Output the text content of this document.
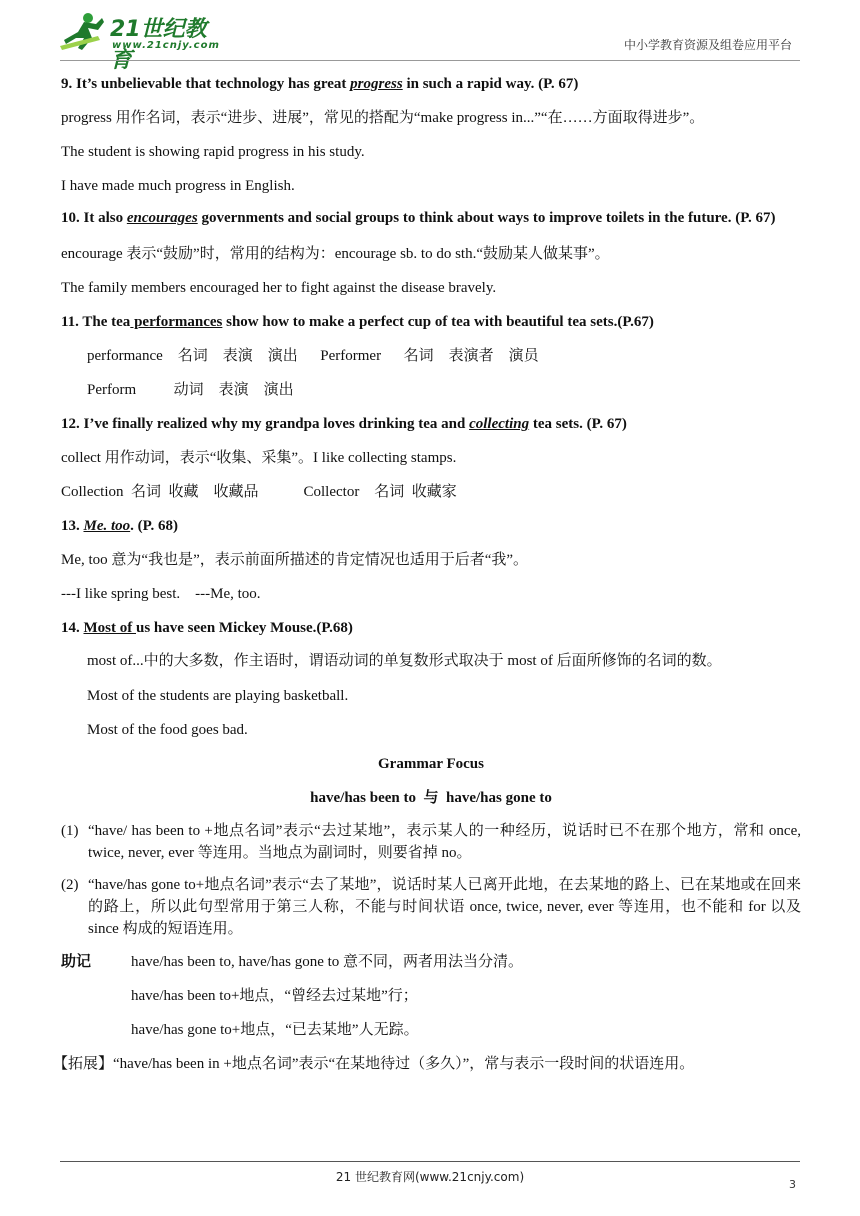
21世纪教育
www.21cnjy.com	中小学教育资源及组卷应用平台

9. It’s unbelievable that technology has great progress in such a rapid way. (P. 67)

progress 用作名词，表示“进步、进展”，常见的搭配为“make progress in...”“在……方面取得进步”。

The student is showing rapid progress in his study.

I have made much progress in English.

10. It also encourages governments and social groups to think about ways to improve toilets in the future. (P. 67)

encourage 表示“鼓励”时，常用的结构为：encourage sb. to do sth.“鼓励某人做某事”。

The family members encouraged her to fight against the disease bravely.

11. The tea performances show how to make a perfect cup of tea with beautiful tea sets.(P.67)

performance    名词    表演    演出      Performer      名词    表演者    演员

Perform          动词    表演    演出

12. I’ve finally realized why my grandpa loves drinking tea and collecting tea sets. (P. 67)

collect 用作动词，表示“收集、采集”。I like collecting stamps.

Collection  名词  收藏    收藏品            Collector    名词  收藏家

13. Me. too. (P. 68)

Me, too 意为“我也是”，表示前面所描述的肯定情况也适用于后者“我”。

---I like spring best.    ---Me, too.

14. Most of us have seen Mickey Mouse.(P.68)

most of...中的大多数，作主语时，谓语动词的单复数形式取决于 most of 后面所修饰的名词的数。

Most of the students are playing basketball.

Most of the food goes bad.

Grammar Focus

have/has been to  与  have/has gone to

(1) “have/ has been to +地点名词”表示“去过某地”，表示某人的一种经历，说话时已不在那个地方，常和 once, twice, never, ever 等连用。当地点为副词时，则要省掉 no。
(2) “have/has gone to+地点名词”表示“去了某地”，说话时某人已离开此地，在去某地的路上、已在某地或在回来的路上，所以此句型常用于第三人称，不能与时间状语 once, twice, never, ever 等连用，也不能和 for 以及 since 构成的短语连用。
助记	have/has been to, have/has gone to 意不同，两者用法当分清。

have/has been to+地点，“曾经去过某地”行；

have/has gone to+地点，“已去某地”人无踪。

【拓展】“have/has been in +地点名词”表示“在某地待过（多久）”，常与表示一段时间的状语连用。

21 世纪教育网(www.21cnjy.com)
3
